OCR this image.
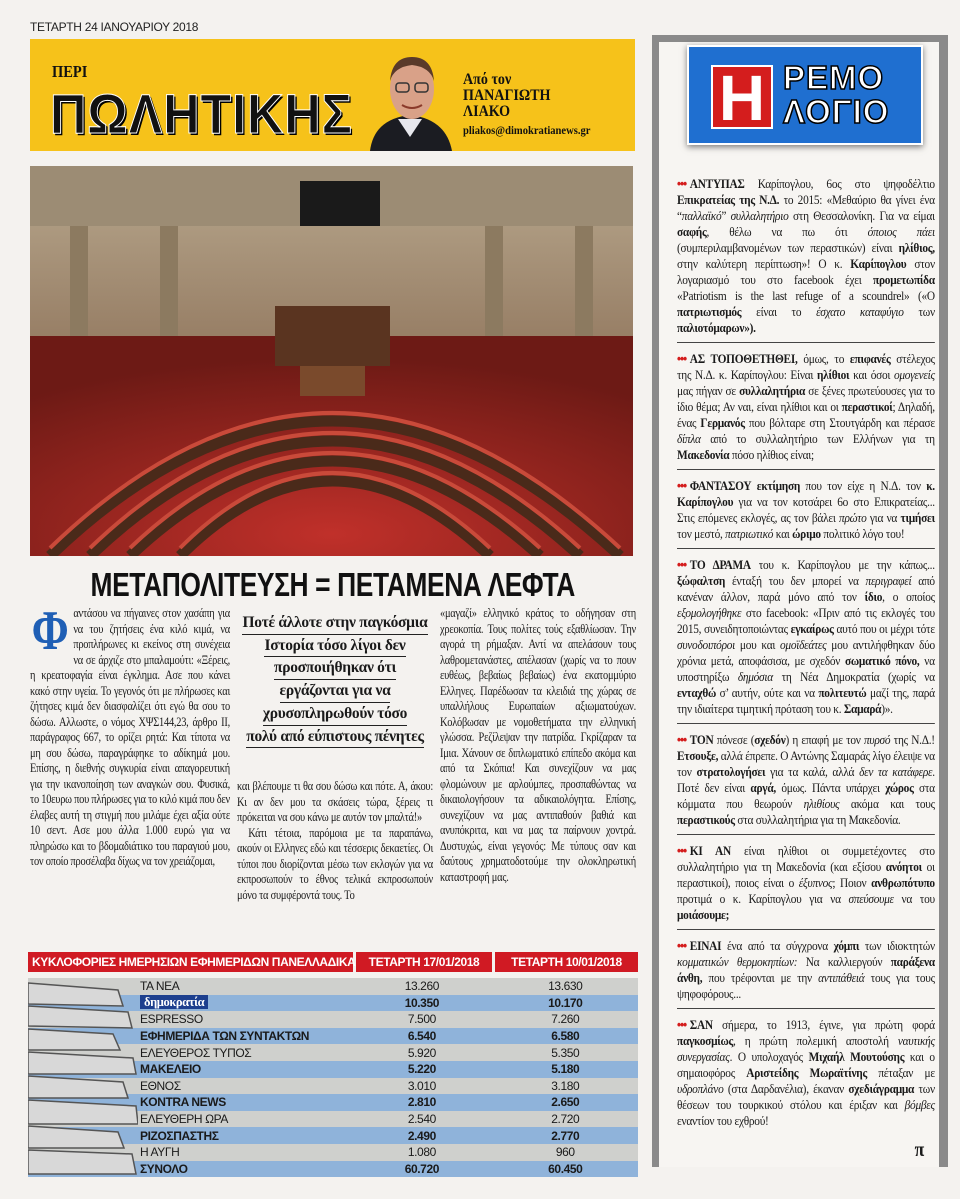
ΤΕΤΑΡΤΗ 24 ΙΑΝΟΥΑΡΙΟΥ 2018
ΠΕΡΙ
ΠΩΛΗΤΙΚΗΣ
Από τον
ΠΑΝΑΓΙΩΤΗ
ΛΙΑΚΟ
pliakos@dimokratianews.gr
ΜΕΤΑΠΟΛΙΤΕΥΣΗ = ΠΕΤΑΜΕΝΑ ΛΕΦΤΑ
Φ αντάσου να πήγαινες στον χασάπη για να του ζητήσεις ένα κιλό κιμά, να προπλήρωνες κι εκείνος στη συνέχεια να σε άρχιζε στο μπαλαμούτι: «Ξέρεις, η κρεατοφαγία είναι έγκλημα. Ασε που κάνει κακό στην υγεία. Το γεγονός ότι με πλήρωσες και ζήτησες κιμά δεν διασφαλίζει ότι εγώ θα σου το δώσω. Αλλωστε, ο νόμος ΧΨΣ144,23, άρθρο ΙΙ, παράγραφος 667, το ορίζει ρητά: Και τίποτα να μη σου δώσω, παραγράφηκε το αδίκημά μου. Επίσης, η διεθνής συγκυρία είναι απαγορευτική για την ικανοποίηση των αναγκών σου. Φυσικά, το 10ευρω που πλήρωσες για το κιλό κιμά που δεν έλαβες αυτή τη στιγμή που μιλάμε έχει αξία ούτε 10 σεντ. Ασε μου άλλα 1.000 ευρώ για να πληρώσω και το βδομαδιάτικο του παραγιού μου, τον οποίο προσέλαβα δίχως να τον χρειάζομαι,
Ποτέ άλλοτε στην παγκόσμια
Ιστορία τόσο λίγοι δεν
προσποιήθηκαν ότι
εργάζονται για να
χρυσοπληρωθούν τόσο
πολύ από εύπιστους πένητες
και βλέπουμε τι θα σου δώσω και πότε. Α, άκου: Κι αν δεν μου τα σκάσεις τώρα, ξέρεις τι πρόκειται να σου κάνω με αυτόν τον μπαλτά!»
Κάτι τέτοια, παρόμοια με τα παραπάνω, ακούν οι Ελληνες εδώ και τέσσερις δεκαετίες. Οι τύποι που διορίζονται μέσω των εκλογών για να εκπροσωπούν το έθνος τελικά εκπροσωπούν μόνο τα συμφέροντά τους. Το
«μαγαζί» ελληνικό κράτος το οδήγησαν στη χρεοκοπία. Τους πολίτες τούς εξαθλίωσαν. Την αγορά τη ρήμαξαν. Αντί να απελάσουν τους λαθρομετανάστες, απέλασαν (χωρίς να το πουν ευθέως, βεβαίως βεβαίως) ένα εκατομμύριο Ελληνες. Παρέδωσαν τα κλειδιά της χώρας σε υπαλλήλους Ευρωπαίων αξιωματούχων. Κολόβωσαν με νομοθετήματα την ελληνική γλώσσα. Ρεζίλεψαν την πατρίδα. Γκρίζαραν τα Ιμια. Χάνουν σε διπλωματικό επίπεδο ακόμα και από τα Σκόπια! Και συνεχίζουν να μας φλομώνουν με αρλούμπες, προσπαθώντας να δικαιολογήσουν τα αδικαιολόγητα. Επίσης, συνεχίζουν να μας αντιπαθούν βαθιά και ανυπόκριτα, και να μας τα παίρνουν χοντρά. Δυστυχώς, είναι γεγονός: Με τύπους σαν και δαύτους χρηματοδοτούμε την ολοκληρωτική καταστροφή μας.
ΚΥΚΛΟΦΟΡΙΕΣ ΗΜΕΡΗΣΙΩΝ ΕΦΗΜΕΡΙΔΩΝ ΠΑΝΕΛΛΑΔΙΚΑ	ΤΕΤΑΡΤΗ 17/01/2018	ΤΕΤΑΡΤΗ 10/01/2018
ΤΑ ΝΕΑ	13.260	13.630
δημοκρατία	10.350	10.170
ESPRESSO	7.500	7.260
ΕΦΗΜΕΡΙΔΑ ΤΩΝ ΣΥΝΤΑΚΤΩΝ	6.540	6.580
ΕΛΕΥΘΕΡΟΣ ΤΥΠΟΣ	5.920	5.350
ΜΑΚΕΛΕΙΟ	5.220	5.180
ΕΘΝΟΣ	3.010	3.180
KONTRA NEWS	2.810	2.650
ΕΛΕΥΘΕΡΗ ΩΡΑ	2.540	2.720
ΡΙΖΟΣΠΑΣΤΗΣ	2.490	2.770
Η ΑΥΓΗ	1.080	960
ΣΥΝΟΛΟ	60.720	60.450
Η ΡΕΜΟ
ΛΟΓΙΟ
••• ΑΝΤΥΠΑΣ Καρίπογλου, 6ος στο ψηφοδέλτιο Επικρατείας της Ν.Δ. το 2015: «Μεθαύριο θα γίνει ένα “παλλαϊκό” συλλαλητήριο στη Θεσσαλονίκη. Για να είμαι σαφής, θέλω να πω ότι όποιος πάει (συμπεριλαμβανομένων των περαστικών) είναι ηλίθιος, στην καλύτερη περίπτωση»! Ο κ. Καρίπογλου στον λογαριασμό του στο facebook έχει προμετωπίδα «Patriotism is the last refuge of a scoundrel» («Ο πατριωτισμός είναι το έσχατο καταφύγιο των παλιοτόμαρων»).
••• ΑΣ ΤΟΠΟΘΕΤΗΘΕΙ, όμως, το επιφανές στέλεχος της Ν.Δ. κ. Καρίπογλου: Είναι ηλίθιοι και όσοι ομογενείς μας πήγαν σε συλλαλητήρια σε ξένες πρωτεύουσες για το ίδιο θέμα; Αν ναι, είναι ηλίθιοι και οι περαστικοί; Δηλαδή, ένας Γερμανός που βόλταρε στη Στουτγάρδη και πέρασε δίπλα από το συλλαλητήριο των Ελλήνων για τη Μακεδονία πόσο ηλίθιος είναι;
••• ΦΑΝΤΑΣΟΥ εκτίμηση που τον είχε η Ν.Δ. τον κ. Καρίπογλου για να τον κοτσάρει 6ο στο Επικρατείας... Στις επόμενες εκλογές, ας τον βάλει πρώτο για να τιμήσει τον μεστό, πατριωτικό και ώριμο πολιτικό λόγο του!
••• ΤΟ ΔΡΑΜΑ του κ. Καρίπογλου με την κάπως... ξώφαλτση ένταξή του δεν μπορεί να περιγραφεί από κανέναν άλλον, παρά μόνο από τον ίδιο, ο οποίος εξομολογήθηκε στο facebook: «Πριν από τις εκλογές του 2015, συνειδητοποιώντας εγκαίρως αυτό που οι μέχρι τότε συνοδοιπόροι μου και ομοϊδεάτες μου αντιλήφθηκαν δύο χρόνια μετά, αποφάσισα, με σχεδόν σωματικό πόνο, να υποστηρίξω δημόσια τη Νέα Δημοκρατία (χωρίς να ενταχθώ σ’ αυτήν, ούτε και να πολιτευτώ μαζί της, παρά την ιδιαίτερα τιμητική πρόταση του κ. Σαμαρά)».
••• ΤΟΝ πόνεσε (σχεδόν) η επαφή με τον πυρσό της Ν.Δ.! Ετσουξε, αλλά έπρεπε. Ο Αντώνης Σαμαράς λίγο έλειψε να τον στρατολογήσει για τα καλά, αλλά δεν τα κατάφερε. Ποτέ δεν είναι αργά, όμως. Πάντα υπάρχει χώρος στα κόμματα που θεωρούν ηλιθίους ακόμα και τους περαστικούς στα συλλαλητήρια για τη Μακεδονία.
••• ΚΙ ΑΝ είναι ηλίθιοι οι συμμετέχοντες στο συλλαλητήριο για τη Μακεδονία (και εξίσου ανόητοι οι περαστικοί), ποιος είναι ο έξυπνος; Ποιον ανθρωπότυπο προτιμά ο κ. Καρίπογλου για να σπεύσουμε να του μοιάσουμε;
••• ΕΙΝΑΙ ένα από τα σύγχρονα χόμπι των ιδιοκτητών κομματικών θερμοκηπίων: Να καλλιεργούν παράξενα άνθη, που τρέφονται με την αντιπάθειά τους για τους ψηφοφόρους...
••• ΣΑΝ σήμερα, το 1913, έγινε, για πρώτη φορά παγκοσμίως, η πρώτη πολεμική αποστολή ναυτικής συνεργασίας. Ο υπολοχαγός Μιχαήλ Μουτούσης και ο σημαιοφόρος Αριστείδης Μωραϊτίνης πέταξαν με υδροπλάνο (στα Δαρδανέλια), έκαναν σχεδιάγραμμα των θέσεων του τουρκικού στόλου και έριξαν και βόμβες εναντίον του εχθρού!
π
